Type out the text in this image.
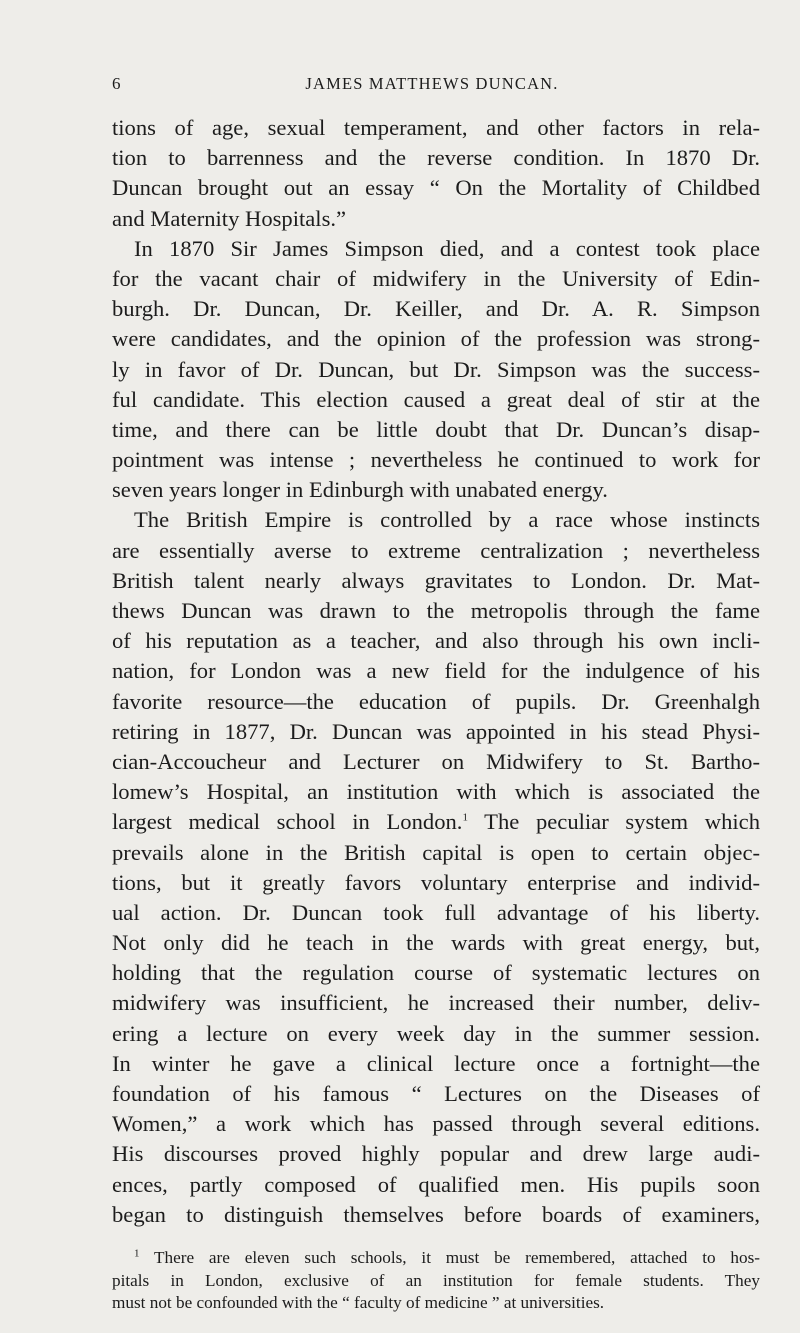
6	JAMES MATTHEWS DUNCAN.
tions of age, sexual temperament, and other factors in rela-
tion to barrenness and the reverse condition. In 1870 Dr.
Duncan brought out an essay “ On the Mortality of Childbed
and Maternity Hospitals.”
In 1870 Sir James Simpson died, and a contest took place
for the vacant chair of midwifery in the University of Edin-
burgh. Dr. Duncan, Dr. Keiller, and Dr. A. R. Simpson
were candidates, and the opinion of the profession was strong-
ly in favor of Dr. Duncan, but Dr. Simpson was the success-
ful candidate. This election caused a great deal of stir at the
time, and there can be little doubt that Dr. Duncan’s disap-
pointment was intense ; nevertheless he continued to work for
seven years longer in Edinburgh with unabated energy.
The British Empire is controlled by a race whose instincts
are essentially averse to extreme centralization ; nevertheless
British talent nearly always gravitates to London. Dr. Mat-
thews Duncan was drawn to the metropolis through the fame
of his reputation as a teacher, and also through his own incli-
nation, for London was a new field for the indulgence of his
favorite resource—the education of pupils. Dr. Greenhalgh
retiring in 1877, Dr. Duncan was appointed in his stead Physi-
cian-Accoucheur and Lecturer on Midwifery to St. Bartho-
lomew’s Hospital, an institution with which is associated the
largest medical school in London.$^1$ The peculiar system which
prevails alone in the British capital is open to certain objec-
tions, but it greatly favors voluntary enterprise and individ-
ual action. Dr. Duncan took full advantage of his liberty.
Not only did he teach in the wards with great energy, but,
holding that the regulation course of systematic lectures on
midwifery was insufficient, he increased their number, deliv-
ering a lecture on every week day in the summer session.
In winter he gave a clinical lecture once a fortnight—the
foundation of his famous “ Lectures on the Diseases of
Women,” a work which has passed through several editions.
His discourses proved highly popular and drew large audi-
ences, partly composed of qualified men. His pupils soon
began to distinguish themselves before boards of examiners,
$^1$ There are eleven such schools, it must be remembered, attached to hos-
pitals in London, exclusive of an institution for female students. They
must not be confounded with the “ faculty of medicine ” at universities.
